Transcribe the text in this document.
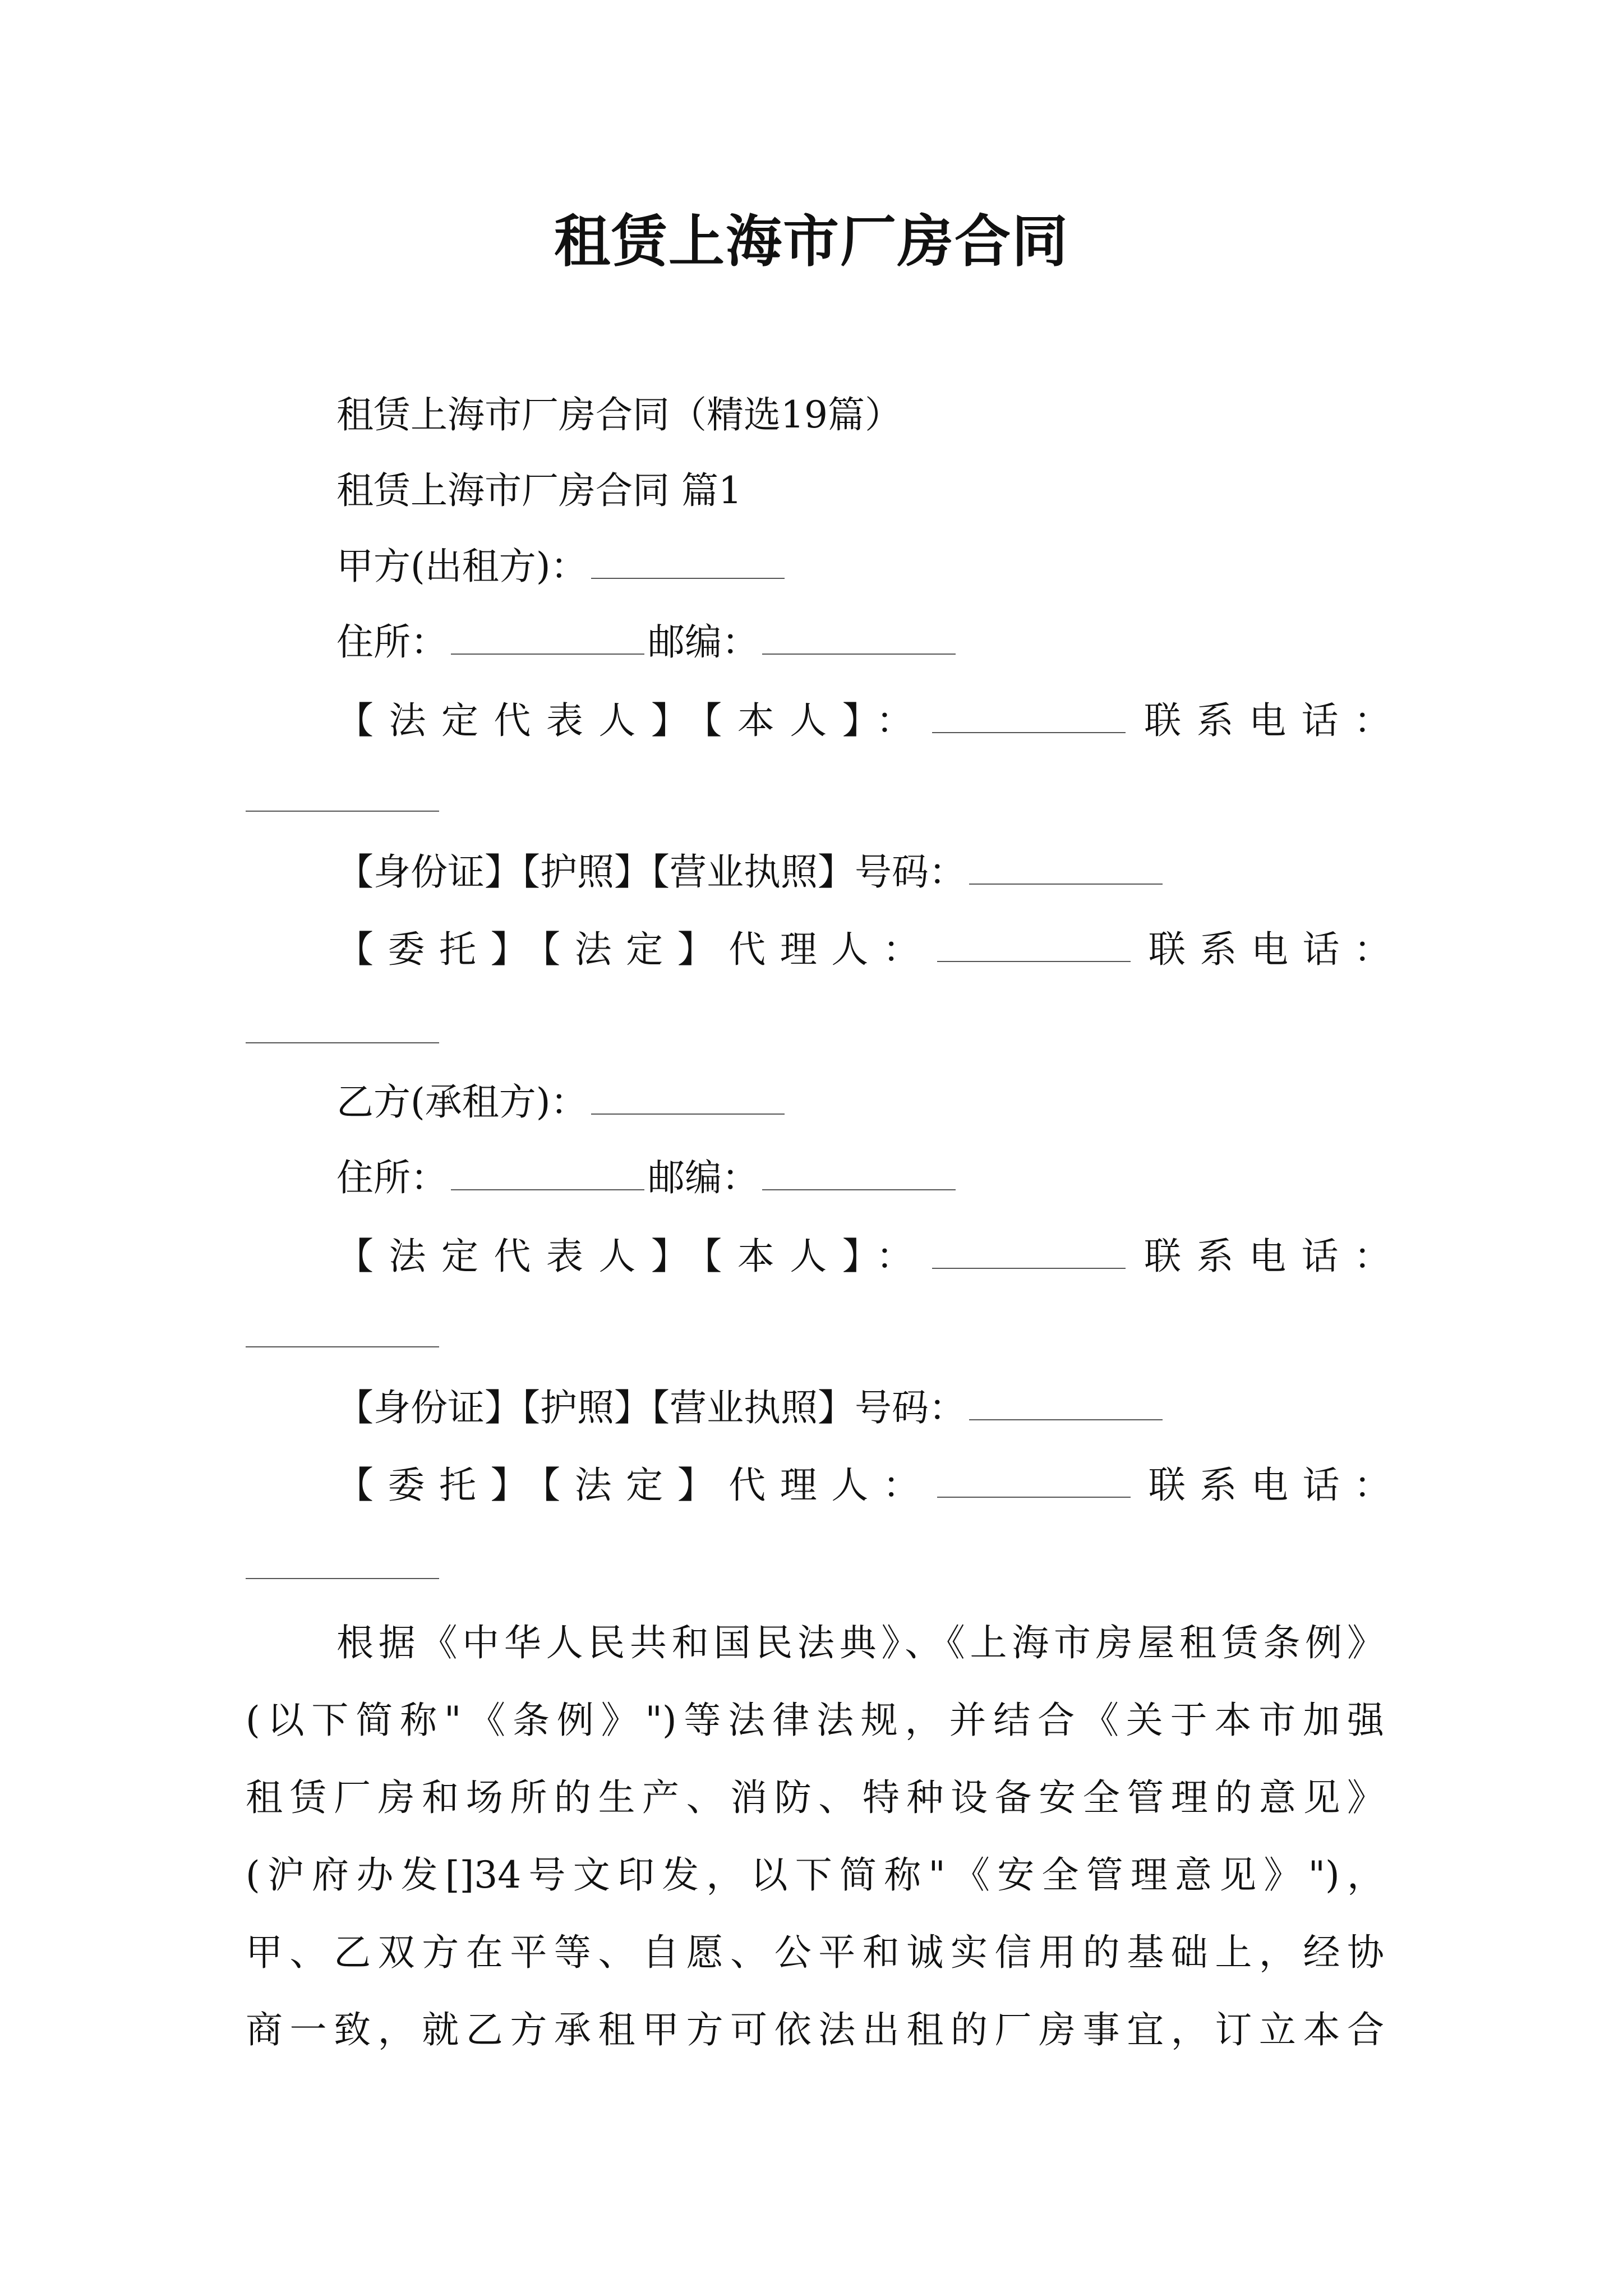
租赁上海市厂房合同
租赁上海市厂房合同（精选19篇）
租赁上海市厂房合同 篇1
甲方(出租方)：
住所：	邮编：
【法定代表人】【本人】：	联系电话：
【身份证】【护照】【营业执照】号码：
【委托】【法定】代理人：	联系电话：
乙方(承租方)：
住所：	邮编：
【法定代表人】【本人】：	联系电话：
【身份证】【护照】【营业执照】号码：
【委托】【法定】代理人：	联系电话：
根据《中华人民共和国民法典》、《上海市房屋租赁条例》
(以下简称"《条例》")等法律法规，并结合《关于本市加强
租赁厂房和场所的生产、消防、特种设备安全管理的意见》
(沪府办发[]34号文印发，以下简称"《安全管理意见》")，
甲、乙双方在平等、自愿、公平和诚实信用的基础上，经协
商一致，就乙方承租甲方可依法出租的厂房事宜，订立本合
